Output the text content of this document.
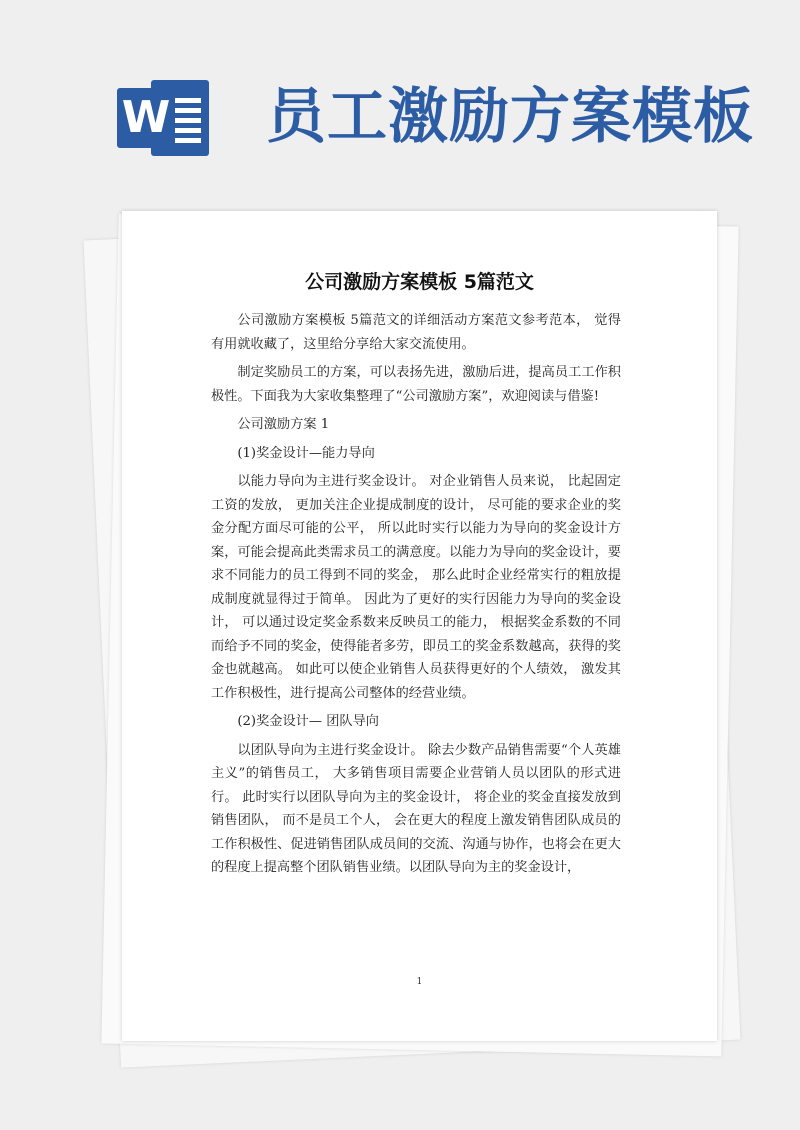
W 员工激励方案模板
公司激励方案模板 5篇范文

公司激励方案模板 5篇范文的详细活动方案范文参考范本， 觉得有用就收藏了，这里给分享给大家交流使用。

制定奖励员工的方案，可以表扬先进，激励后进，提高员工工作积极性。下面我为大家收集整理了“公司激励方案”，欢迎阅读与借鉴!

公司激励方案 1

(1)奖金设计—能力导向

以能力导向为主进行奖金设计。 对企业销售人员来说， 比起固定工资的发放， 更加关注企业提成制度的设计， 尽可能的要求企业的奖金分配方面尽可能的公平， 所以此时实行以能力为导向的奖金设计方案，可能会提高此类需求员工的满意度。以能力为导向的奖金设计，要求不同能力的员工得到不同的奖金， 那么此时企业经常实行的粗放提成制度就显得过于简单。 因此为了更好的实行因能力为导向的奖金设计， 可以通过设定奖金系数来反映员工的能力， 根据奖金系数的不同而给予不同的奖金，使得能者多劳，即员工的奖金系数越高，获得的奖金也就越高。 如此可以使企业销售人员获得更好的个人绩效， 激发其工作积极性，进行提高公司整体的经营业绩。

(2)奖金设计— 团队导向

以团队导向为主进行奖金设计。 除去少数产品销售需要“个人英雄主义”的销售员工， 大多销售项目需要企业营销人员以团队的形式进行。 此时实行以团队导向为主的奖金设计， 将企业的奖金直接发放到销售团队， 而不是员工个人， 会在更大的程度上激发销售团队成员的工作积极性、促进销售团队成员间的交流、沟通与协作，也将会在更大的程度上提高整个团队销售业绩。以团队导向为主的奖金设计，

1
